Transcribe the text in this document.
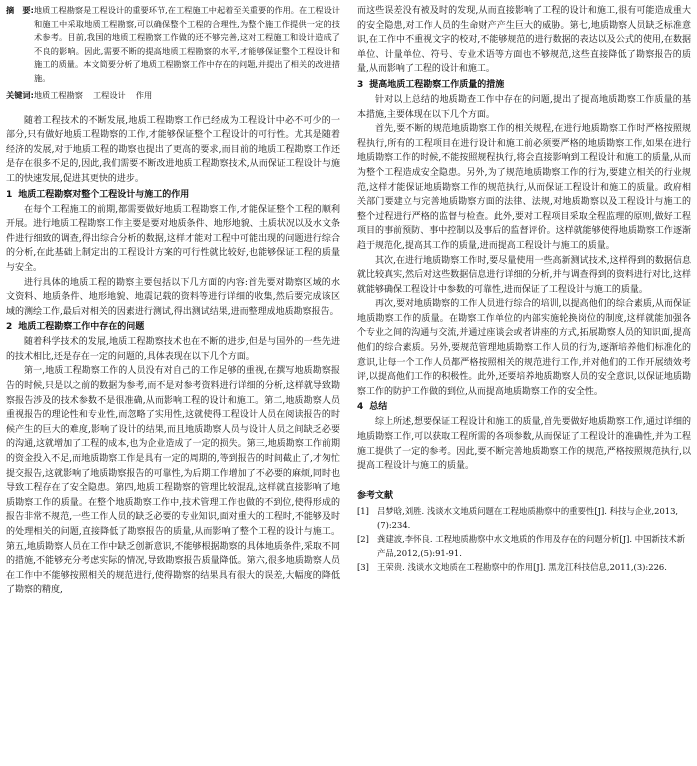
摘　要:地质工程勘察是工程设计的重要环节,在工程施工中起着至关重要的作用。在工程设计和施工中采取地质工程勘察,可以确保整个工程的合理性,为整个施工作提供一定的技术参考。目前,我国的地质工程勘察工作做的还不够完善,这对工程施工和设计造成了不良的影响。因此,需要不断的提高地质工程勘察的水平,才能够保证整个工程设计和施工的质量。本文简要分析了地质工程勘察工作中存在的问题,并提出了相关的改进措施。
关键词:地质工程勘察 工程设计 作用

随着工程技术的不断发展,地质工程勘察工作已经成为工程设计中必不可少的一部分,只有做好地质工程勘察的工作,才能够保证整个工程设计的可行性。尤其是随着经济的发展,对于地质工程的勘察也提出了更高的要求,而目前的地质工程勘察工作还是存在很多不足的,因此,我们需要不断改进地质工程勘察技术,从而保证工程设计与施工的快速发展,促进其更快的进步。

1 地质工程勘察对整个工程设计与施工的作用

在每个工程施工的前期,都需要做好地质工程勘察工作,才能保证整个工程的顺利开展。进行地质工程勘察工作主要是要对地质条件、地形地貌、土质状况以及水文条件进行细致的调查,得出综合分析的数据,这样才能对工程中可能出现的问题进行综合的分析,在此基础上制定出的工程设计方案的可行性就比较好,也能够保证工程的质量与安全。

进行具体的地质工程的勘察主要包括以下几方面的内容:首先要对勘察区域的水文资料、地质条件、地形地貌、地震记载的资料等进行详细的收集,然后要完成该区域的测绘工作,最后对相关的因素进行测试,得出测试结果,进而整理成地质勘察报告。

2 地质工程勘察工作中存在的问题

随着科学技术的发展,地质工程勘察技术也在不断的进步,但是与国外的一些先进的技术相比,还是存在一定的问题的,具体表现在以下几个方面。

第一,地质工程勘察工作的人员没有对自己的工作足够的重视,在撰写地质勘察报告的时候,只是以之前的数据为参考,而不是对参考资料进行详细的分析,这样就导致勘察报告涉及的技术参数不是很准确,从而影响工程的设计和施工。第二,地质勘察人员重视报告的理论性和专业性,而忽略了实用性,这就使得工程设计人员在阅读报告的时候产生的巨大的难度,影响了设计的结果,而且地质勘察人员与设计人员之间缺乏必要的沟通,这就增加了工程的成本,也为企业造成了一定的损失。第三,地质勘察工作前期的资金投入不足,而地质勘察工作是具有一定的周期的,等到报告的时间截止了,才匆忙提交报告,这就影响了地质勘察报告的可靠性,为后期工作增加了不必要的麻烦,同时也导致工程存在了安全隐患。第四,地质工程勘察的管理比较混乱,这样就直接影响了地质勘察工作的质量。在整个地质勘察工作中,技术管理工作也做的不到位,使得形成的报告非常不规范,一些工作人员的缺乏必要的专业知识,面对重大的工程时,不能够及时的处理相关的问题,直接降低了勘察报告的质量,从而影响了整个工程的设计与施工。第五,地质勘察人员在工作中缺乏创新意识,不能够根据勘察的具体地质条件,采取不同的措施,不能够充分考虑实际的情况,导致勘察报告质量降低。第六,很多地质勘察人员在工作中不能够按照相关的规范进行,使得勘察的结果具有很大的误差,大幅度的降低了勘察的精度,

而这些误差没有被及时的发现,从而直接影响了工程的设计和施工,很有可能造成重大的安全隐患,对工作人员的生命财产产生巨大的威胁。第七,地质勘察人员缺乏标准意识,在工作中不重视文字的校对,不能够规范的进行数据的表达以及公式的使用,在数据单位、计量单位、符号、专业术语等方面也不够规范,这些直接降低了勘察报告的质量,从而影响了工程的设计和施工。

3 提高地质工程勘察工作质量的措施

针对以上总结的地质勘查工作中存在的问题,提出了提高地质勘察工作质量的基本措施,主要体现在以下几个方面。

首先,要不断的规范地质勘察工作的相关规程,在进行地质勘察工作时严格按照规程执行,所有的工程项目在进行设计和施工前必须要严格的地质勘察工作,如果在进行地质勘察工作的时候,不能按照规程执行,将会直接影响到工程设计和施工的质量,从而为整个工程造成安全隐患。另外,为了规范地质勘察工作的行为,要建立相关的行业规范,这样才能保证地质勘察工作的规范执行,从而保证工程设计和施工的质量。政府相关部门要建立与完善地质勘察方面的法律、法规,对地质勘察以及工程设计与施工的整个过程进行严格的监督与检查。此外,要对工程项目采取全程监理的原则,做好工程项目的事前预防、事中控制以及事后的监督评价。这样就能够使得地质勘察工作逐渐趋于规范化,提高其工作的质量,进而提高工程设计与施工的质量。

其次,在进行地质勘察工作时,要尽量使用一些高新测试技术,这样得到的数据信息就比较真实,然后对这些数据信息进行详细的分析,并与调查得到的资料进行对比,这样就能够确保工程设计中参数的可靠性,进而保证了工程设计与施工的质量。

再次,要对地质勘察的工作人员进行综合的培训,以提高他们的综合素质,从而保证地质勘察工作的质量。在勘察工作单位的内部实施轮换岗位的制度,这样就能加强各个专业之间的沟通与交流,并通过座谈会或者讲座的方式,拓展勘察人员的知识面,提高他们的综合素质。另外,要规范管理地质勘察工作人员的行为,逐渐培养他们标准化的意识,让每一个工作人员都严格按照相关的规范进行工作,并对他们的工作开展绩效考评,以提高他们工作的积极性。此外,还要培养地质勘察人员的安全意识,以保证地质勘察工作的防护工作做的到位,从而提高地质勘察工作的安全性。

4 总结

综上所述,想要保证工程设计和施工的质量,首先要做好地质勘察工作,通过详细的地质勘察工作,可以获取工程所需的各项参数,从而保证了工程设计的准确性,并为工程施工提供了一定的参考。因此,要不断完善地质勘察工作的规范,严格按照规范执行,以提高工程设计与施工的质量。

参考文献
[1] 吕梦晗,刘胜. 浅谈水文地质问题在工程地质勘察中的重要性[J]. 科技与企业,2013,(7):234.
[2] 龚建波,李怀良. 工程地质勘察中水文地质的作用及存在的问题分析[J]. 中国新技术新产品,2012,(5):91-91.
[3] 王荣贵. 浅谈水文地质在工程勘察中的作用[J]. 黑龙江科技信息,2011,(3):226.
